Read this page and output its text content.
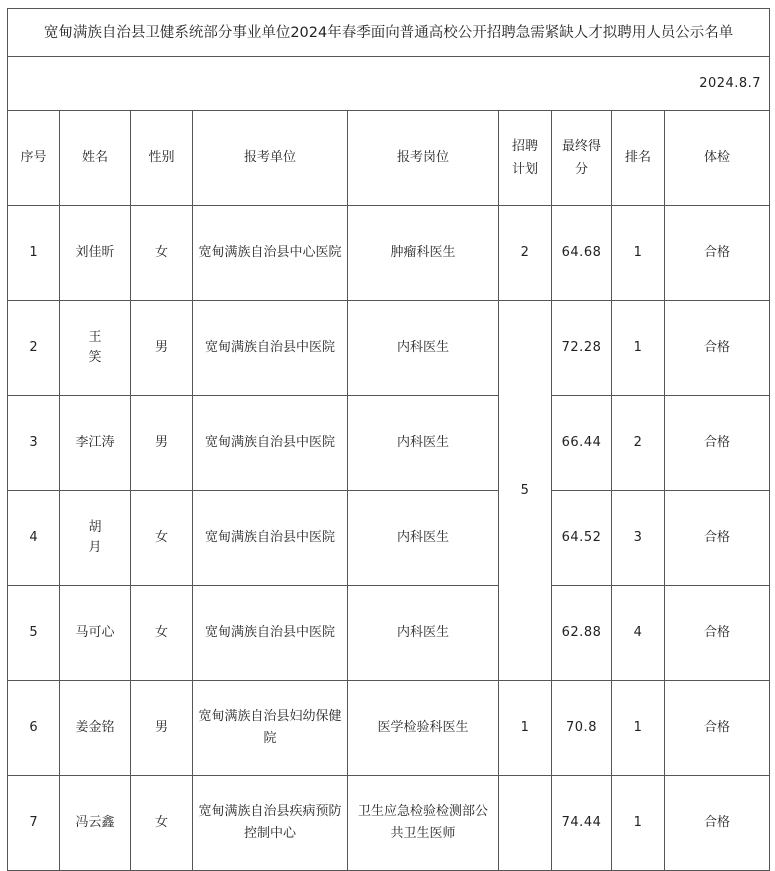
宽甸满族自治县卫健系统部分事业单位2024年春季面向普通高校公开招聘急需紧缺人才拟聘用人员公示名单								
2024.8.7								
序号	姓名	性别	报考单位	报考岗位	招聘计划	最终得分	排名	体检
1	刘佳昕	女	宽甸满族自治县中心医院	肿瘤科医生	2	64.68	1	合格
2	王笑	男	宽甸满族自治县中医院	内科医生	5	72.28	1	合格
3	李江涛	男	宽甸满族自治县中医院	内科医生		66.44	2	合格
4	胡月	女	宽甸满族自治县中医院	内科医生		64.52	3	合格
5	马可心	女	宽甸满族自治县中医院	内科医生		62.88	4	合格
6	姜金铭	男	宽甸满族自治县妇幼保健院	医学检验科医生	1	70.8	1	合格
7	冯云鑫	女	宽甸满族自治县疾病预防控制中心	卫生应急检验检测部公共卫生医师		74.44	1	合格
